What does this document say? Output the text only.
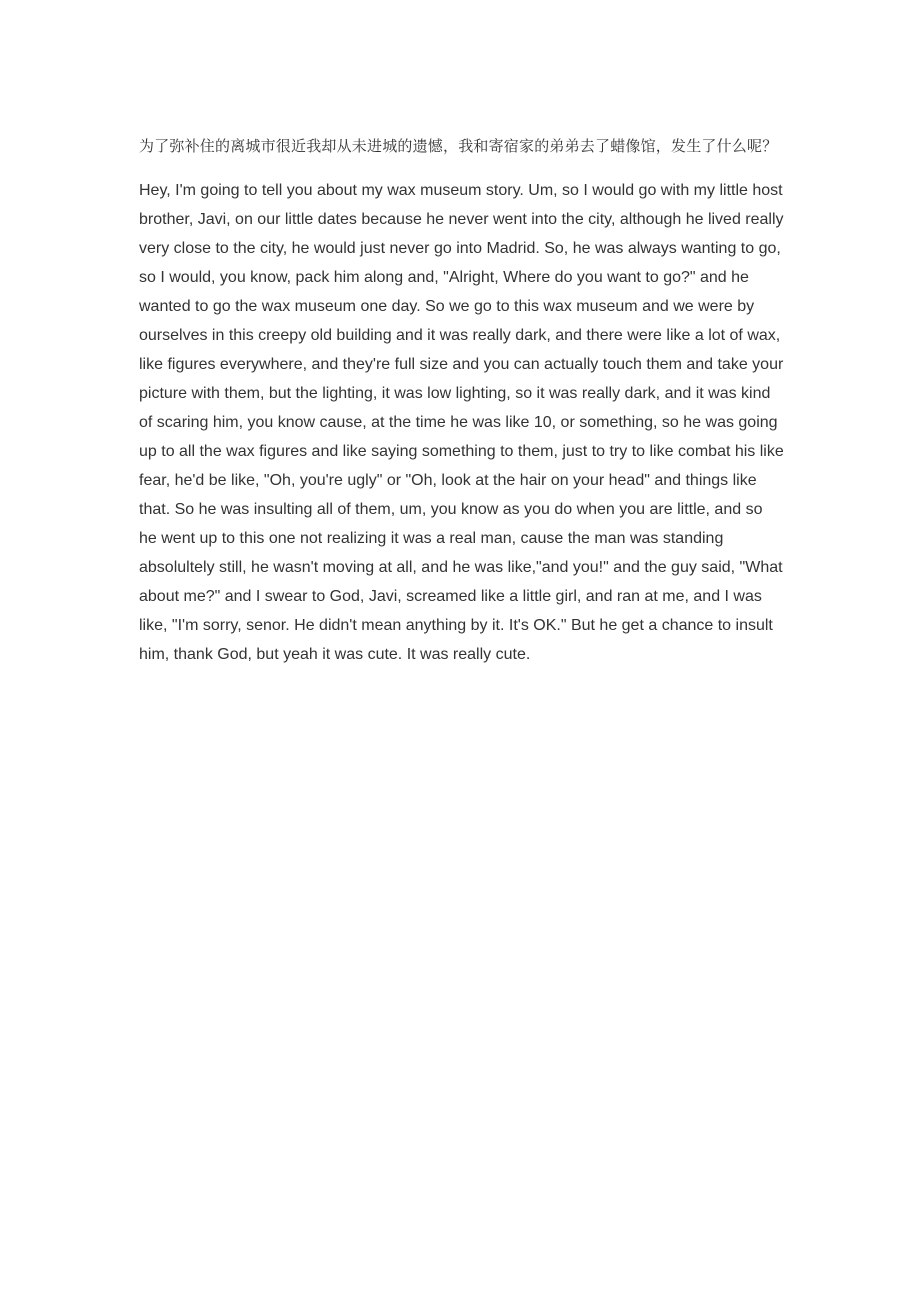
为了弥补住的离城市很近我却从未进城的遗憾，我和寄宿家的弟弟去了蜡像馆，发生了什么呢？

Hey, I'm going to tell you about my wax museum story. Um, so I would go with my little host brother, Javi, on our little dates because he never went into the city, although he lived really very close to the city, he would just never go into Madrid. So, he was always wanting to go, so I would, you know, pack him along and, "Alright, Where do you want to go?" and he wanted to go the wax museum one day. So we go to this wax museum and we were by ourselves in this creepy old building and it was really dark, and there were like a lot of wax, like figures everywhere, and they're full size and you can actually touch them and take your picture with them, but the lighting, it was low lighting, so it was really dark, and it was kind of scaring him, you know cause, at the time he was like 10, or something, so he was going up to all the wax figures and like saying something to them, just to try to like combat his like fear, he'd be like, "Oh, you're ugly" or "Oh, look at the hair on your head" and things like that. So he was insulting all of them, um, you know as you do when you are little, and so he went up to this one not realizing it was a real man, cause the man was standing absolultely still, he wasn't moving at all, and he was like,"and you!" and the guy said, "What about me?" and I swear to God, Javi, screamed like a little girl, and ran at me, and I was like, "I'm sorry, senor. He didn't mean anything by it. It's OK." But he get a chance to insult him, thank God, but yeah it was cute. It was really cute.
